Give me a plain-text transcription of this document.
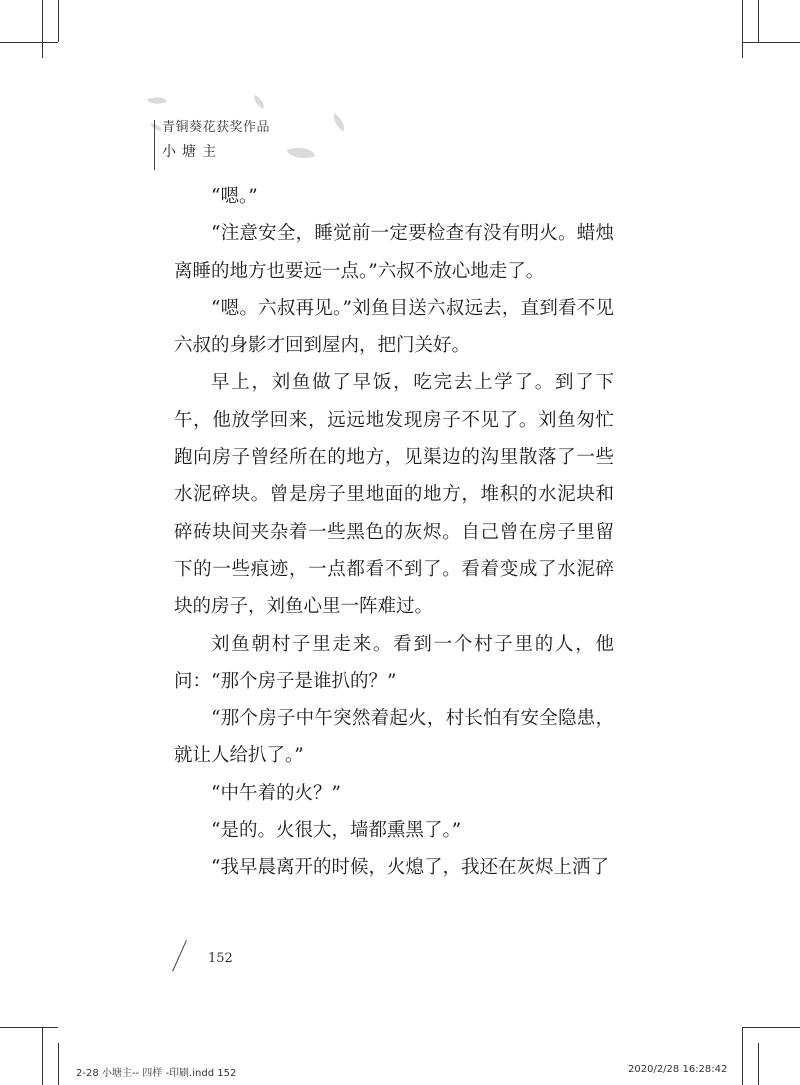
青铜葵花获奖作品
小塘主

“嗯。”

“注意安全，睡觉前一定要检查有没有明火。蜡烛离睡的地方也要远一点。”六叔不放心地走了。

“嗯。六叔再见。”刘鱼目送六叔远去，直到看不见六叔的身影才回到屋内，把门关好。

早上，刘鱼做了早饭，吃完去上学了。到了下午，他放学回来，远远地发现房子不见了。刘鱼匆忙跑向房子曾经所在的地方，见渠边的沟里散落了一些水泥碎块。曾是房子里地面的地方，堆积的水泥块和碎砖块间夹杂着一些黑色的灰烬。自己曾在房子里留下的一些痕迹，一点都看不到了。看着变成了水泥碎块的房子，刘鱼心里一阵难过。

刘鱼朝村子里走来。看到一个村子里的人，他问：“那个房子是谁扒的？”

“那个房子中午突然着起火，村长怕有安全隐患，就让人给扒了。”

“中午着的火？”

“是的。火很大，墙都熏黑了。”

“我早晨离开的时候，火熄了，我还在灰烬上洒了

152
2-28 小塘主-- 四样 -印刷.indd 152	2020/2/28 16:28:42
